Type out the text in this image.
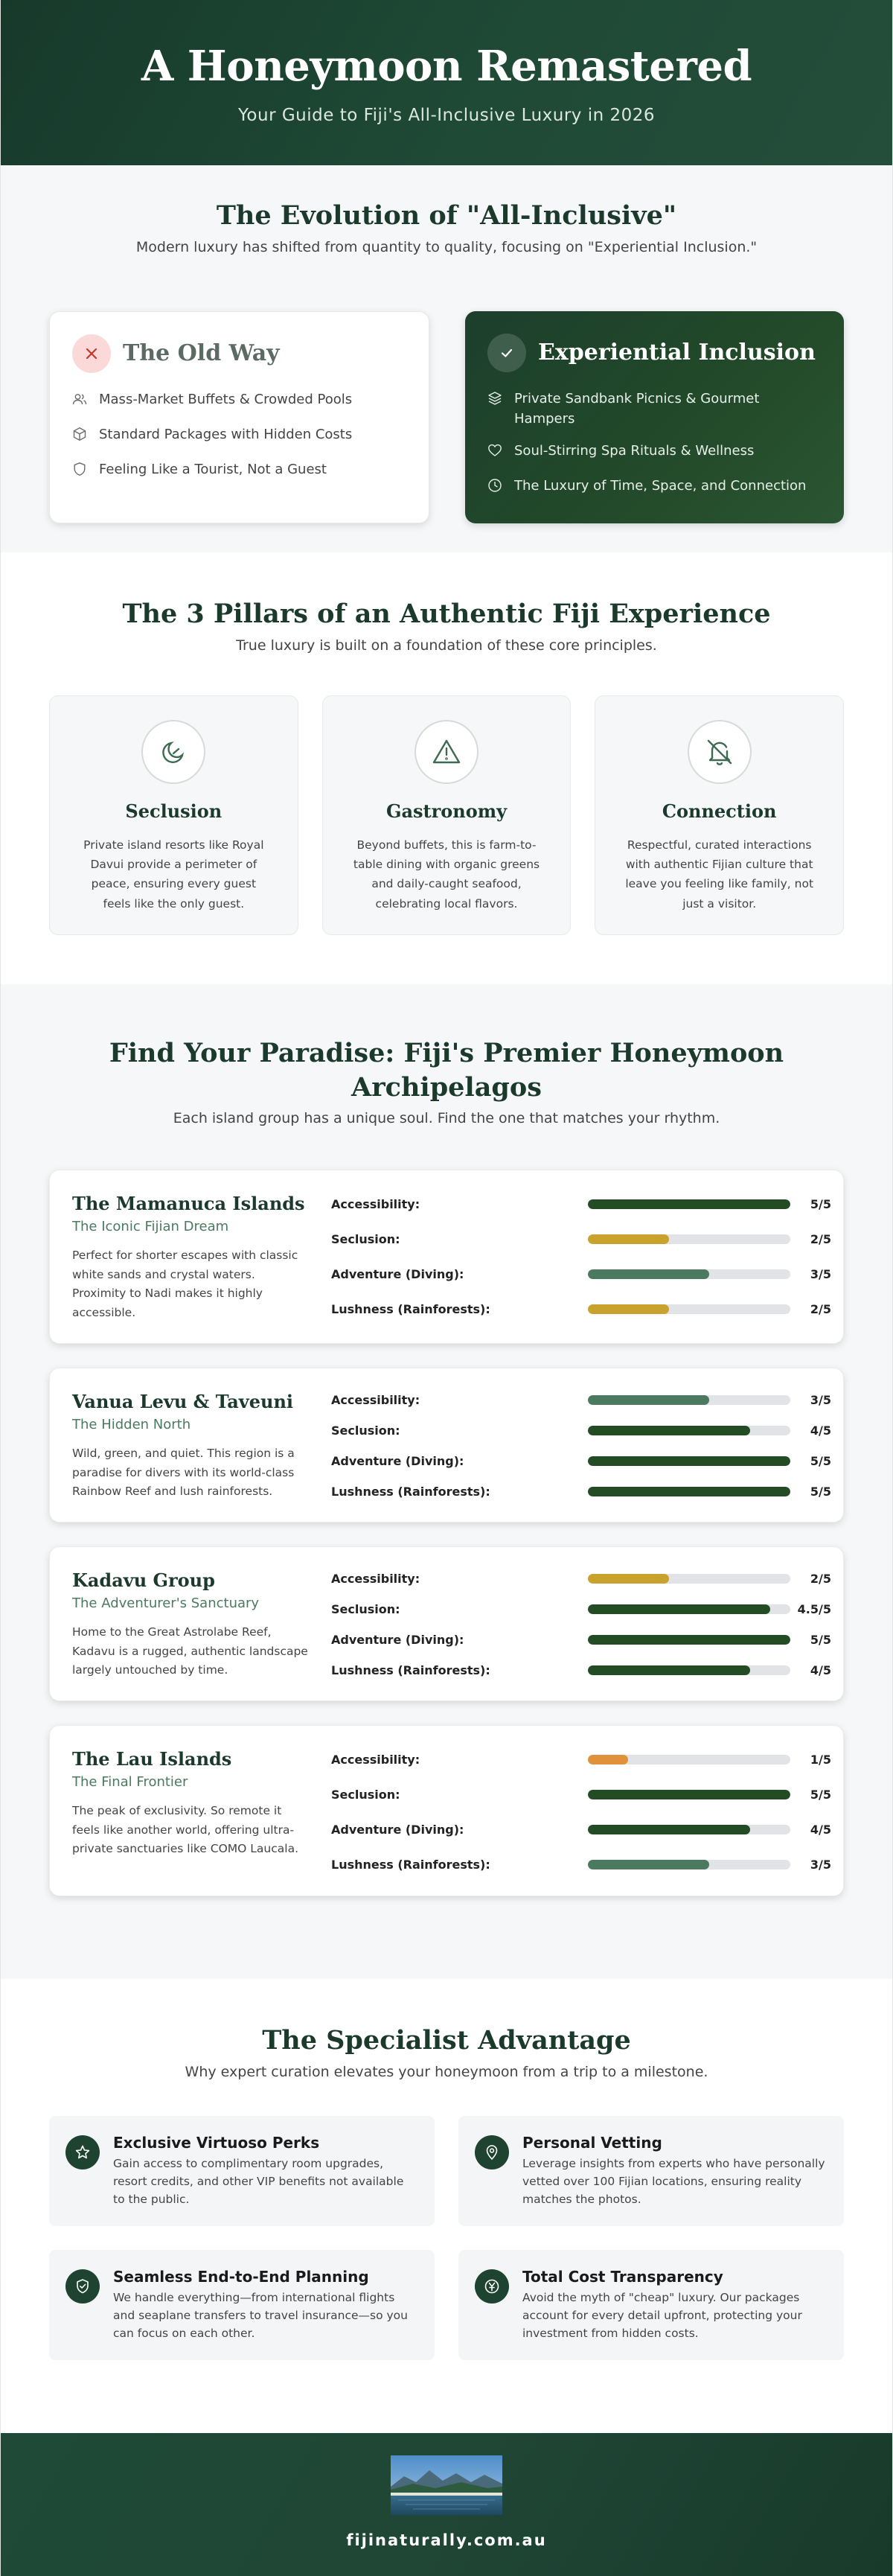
A Honeymoon Remastered

Your Guide to Fiji's All-Inclusive Luxury in 2026

The Evolution of "All-Inclusive"

Modern luxury has shifted from quantity to quality, focusing on "Experiential Inclusion."

The Old Way
Mass-Market Buffets & Crowded Pools
Standard Packages with Hidden Costs
Feeling Like a Tourist, Not a Guest
Experiential Inclusion
Private Sandbank Picnics & Gourmet Hampers
Soul-Stirring Spa Rituals & Wellness
The Luxury of Time, Space, and Connection
The 3 Pillars of an Authentic Fiji Experience

True luxury is built on a foundation of these core principles.

Seclusion

Private island resorts like Royal Davui provide a perimeter of peace, ensuring every guest feels like the only guest.

Gastronomy

Beyond buffets, this is farm-to-table dining with organic greens and daily-caught seafood, celebrating local flavors.

Connection

Respectful, curated interactions with authentic Fijian culture that leave you feeling like family, not just a visitor.

Find Your Paradise: Fiji's Premier Honeymoon Archipelagos

Each island group has a unique soul. Find the one that matches your rhythm.

The Mamanuca Islands
The Iconic Fijian Dream

Perfect for shorter escapes with classic white sands and crystal waters. Proximity to Nadi makes it highly accessible.

Accessibility:	5/5
Seclusion:	2/5
Adventure (Diving):	3/5
Lushness (Rainforests):	2/5
Vanua Levu & Taveuni
The Hidden North

Wild, green, and quiet. This region is a paradise for divers with its world-class Rainbow Reef and lush rainforests.

Accessibility:	3/5
Seclusion:	4/5
Adventure (Diving):	5/5
Lushness (Rainforests):	5/5
Kadavu Group
The Adventurer's Sanctuary

Home to the Great Astrolabe Reef, Kadavu is a rugged, authentic landscape largely untouched by time.

Accessibility:	2/5
Seclusion:	4.5/5
Adventure (Diving):	5/5
Lushness (Rainforests):	4/5
The Lau Islands
The Final Frontier

The peak of exclusivity. So remote it feels like another world, offering ultra-private sanctuaries like COMO Laucala.

Accessibility:	1/5
Seclusion:	5/5
Adventure (Diving):	4/5
Lushness (Rainforests):	3/5
The Specialist Advantage

Why expert curation elevates your honeymoon from a trip to a milestone.

Exclusive Virtuoso Perks

Gain access to complimentary room upgrades, resort credits, and other VIP benefits not available to the public.

Personal Vetting

Leverage insights from experts who have personally vetted over 100 Fijian locations, ensuring reality matches the photos.

Seamless End-to-End Planning

We handle everything—from international flights and seaplane transfers to travel insurance—so you can focus on each other.

Total Cost Transparency

Avoid the myth of "cheap" luxury. Our packages account for every detail upfront, protecting your investment from hidden costs.

fijinaturally.com.au
